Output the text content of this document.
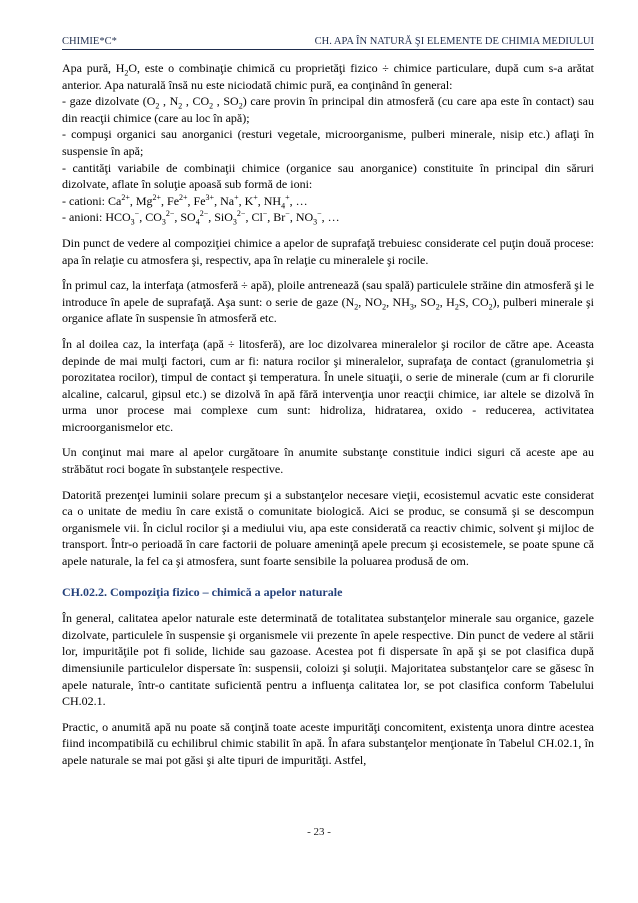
CHIMIE*C*	CH. APA ÎN NATURĂ ŞI ELEMENTE DE CHIMIA MEDIULUI

Apa pură, $H_2O$, este o combinaţie chimică cu proprietăţi fizico ÷ chimice particulare, după cum s-a arătat anterior. Apa naturală însă nu este niciodată chimic pură, ea conţinând în general:
- gaze dizolvate ($O_2$ , $N_2$ , $CO_2$ , $SO_2$) care provin în principal din atmosferă (cu care apa este în contact) sau din reacţii chimice (care au loc în apă);
- compuşi organici sau anorganici (resturi vegetale, microorganisme, pulberi minerale, nisip etc.) aflaţi în suspensie în apă;
- cantităţi variabile de combinaţii chimice (organice sau anorganice) constituite în principal din săruri dizolvate, aflate în soluţie apoasă sub formă de ioni:
- cationi: $Ca^{2+}$, $Mg^{2+}$, $Fe^{2+}$, $Fe^{3+}$, Na+, K+, $NH_4^+$, …
- anioni: $HCO_3^-$, $CO_3^{2-}$, $SO_4^{2-}$, SiO$_3^{2-}$, Cl−, Br−, $NO_3^-$, …

Din punct de vedere al compoziţiei chimice a apelor de suprafaţă trebuiesc considerate cel puţin două procese: apa în relaţie cu atmosfera şi, respectiv, apa în relaţie cu mineralele şi rocile.

În primul caz, la interfaţa (atmosferă ÷ apă), ploile antrenează (sau spală) particulele străine din atmosferă şi le introduce în apele de suprafaţă. Aşa sunt: o serie de gaze ($N_2$, $NO_2$, $NH_3$, $SO_2$, $H_2S$, $CO_2$), pulberi minerale şi organice aflate în suspensie în atmosferă etc.

În al doilea caz, la interfaţa (apă ÷ litosferă), are loc dizolvarea mineralelor şi rocilor de către ape. Aceasta depinde de mai mulţi factori, cum ar fi: natura rocilor şi mineralelor, suprafaţa de contact (granulometria şi porozitatea rocilor), timpul de contact şi temperatura. În unele situaţii, o serie de minerale (cum ar fi clorurile alcaline, calcarul, gipsul etc.) se dizolvă în apă fără intervenţia unor reacţii chimice, iar altele se dizolvă în urma unor procese mai complexe cum sunt: hidroliza, hidratarea, oxido - reducerea, activitatea microorganismelor etc.

Un conţinut mai mare al apelor curgătoare în anumite substanţe constituie indici siguri că aceste ape au străbătut roci bogate în substanţele respective.

Datorită prezenţei luminii solare precum şi a substanţelor necesare vieţii, ecosistemul acvatic este considerat ca o unitate de mediu în care există o comunitate biologică. Aici se produc, se consumă şi se descompun organismele vii. În ciclul rocilor şi a mediului viu, apa este considerată ca reactiv chimic, solvent şi mijloc de transport. Într-o perioadă în care factorii de poluare ameninţă apele precum şi ecosistemele, se poate spune că apele naturale, la fel ca şi atmosfera, sunt foarte sensibile la poluarea produsă de om.

CH.02.2. Compoziţia fizico – chimică a apelor naturale

În general, calitatea apelor naturale este determinată de totalitatea substanţelor minerale sau organice, gazele dizolvate, particulele în suspensie şi organismele vii prezente în apele respective. Din punct de vedere al stării lor, impurităţile pot fi solide, lichide sau gazoase. Acestea pot fi dispersate în apă şi se pot clasifica după dimensiunile particulelor dispersate în: suspensii, coloizi şi soluţii. Majoritatea substanţelor care se găsesc în apele naturale, într-o cantitate suficientă pentru a influenţa calitatea lor, se pot clasifica conform Tabelului CH.02.1.

Practic, o anumită apă nu poate să conţină toate aceste impurităţi concomitent, existenţa unora dintre acestea fiind incompatibilă cu echilibrul chimic stabilit în apă. În afara substanţelor menţionate în Tabelul CH.02.1, în apele naturale se mai pot găsi şi alte tipuri de impurităţi. Astfel,

- 23 -
